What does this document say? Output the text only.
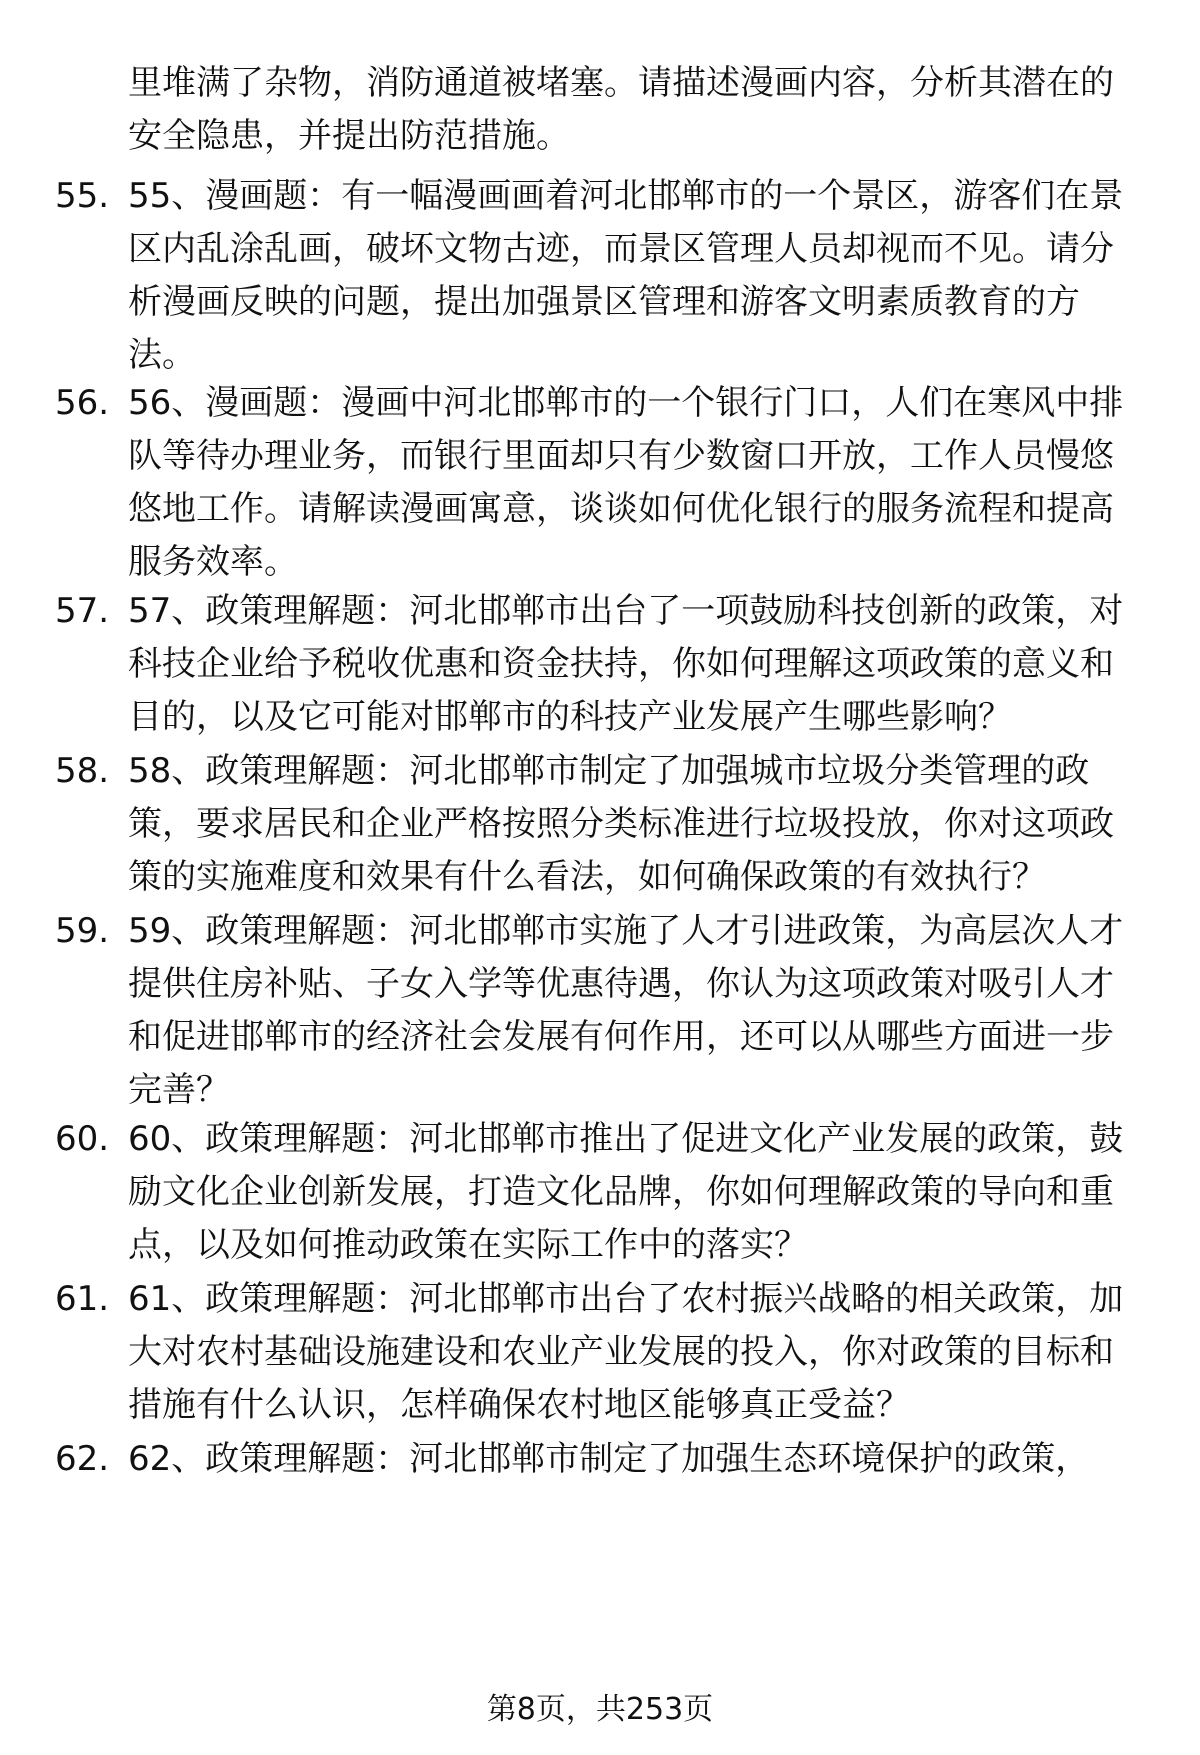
里堆满了杂物，消防通道被堵塞。请描述漫画内容，分析其潜在的安全隐患，并提出防范措施。
55. 55、漫画题：有一幅漫画画着河北邯郸市的一个景区，游客们在景区内乱涂乱画，破坏文物古迹，而景区管理人员却视而不见。请分析漫画反映的问题，提出加强景区管理和游客文明素质教育的方法。
56. 56、漫画题：漫画中河北邯郸市的一个银行门口，人们在寒风中排队等待办理业务，而银行里面却只有少数窗口开放，工作人员慢悠悠地工作。请解读漫画寓意，谈谈如何优化银行的服务流程和提高服务效率。
57. 57、政策理解题：河北邯郸市出台了一项鼓励科技创新的政策，对科技企业给予税收优惠和资金扶持，你如何理解这项政策的意义和目的，以及它可能对邯郸市的科技产业发展产生哪些影响？
58. 58、政策理解题：河北邯郸市制定了加强城市垃圾分类管理的政策，要求居民和企业严格按照分类标准进行垃圾投放，你对这项政策的实施难度和效果有什么看法，如何确保政策的有效执行？
59. 59、政策理解题：河北邯郸市实施了人才引进政策，为高层次人才提供住房补贴、子女入学等优惠待遇，你认为这项政策对吸引人才和促进邯郸市的经济社会发展有何作用，还可以从哪些方面进一步完善？
60. 60、政策理解题：河北邯郸市推出了促进文化产业发展的政策，鼓励文化企业创新发展，打造文化品牌，你如何理解政策的导向和重点，以及如何推动政策在实际工作中的落实？
61. 61、政策理解题：河北邯郸市出台了农村振兴战略的相关政策，加大对农村基础设施建设和农业产业发展的投入，你对政策的目标和措施有什么认识，怎样确保农村地区能够真正受益？
62. 62、政策理解题：河北邯郸市制定了加强生态环境保护的政策，
第8页，共253页
